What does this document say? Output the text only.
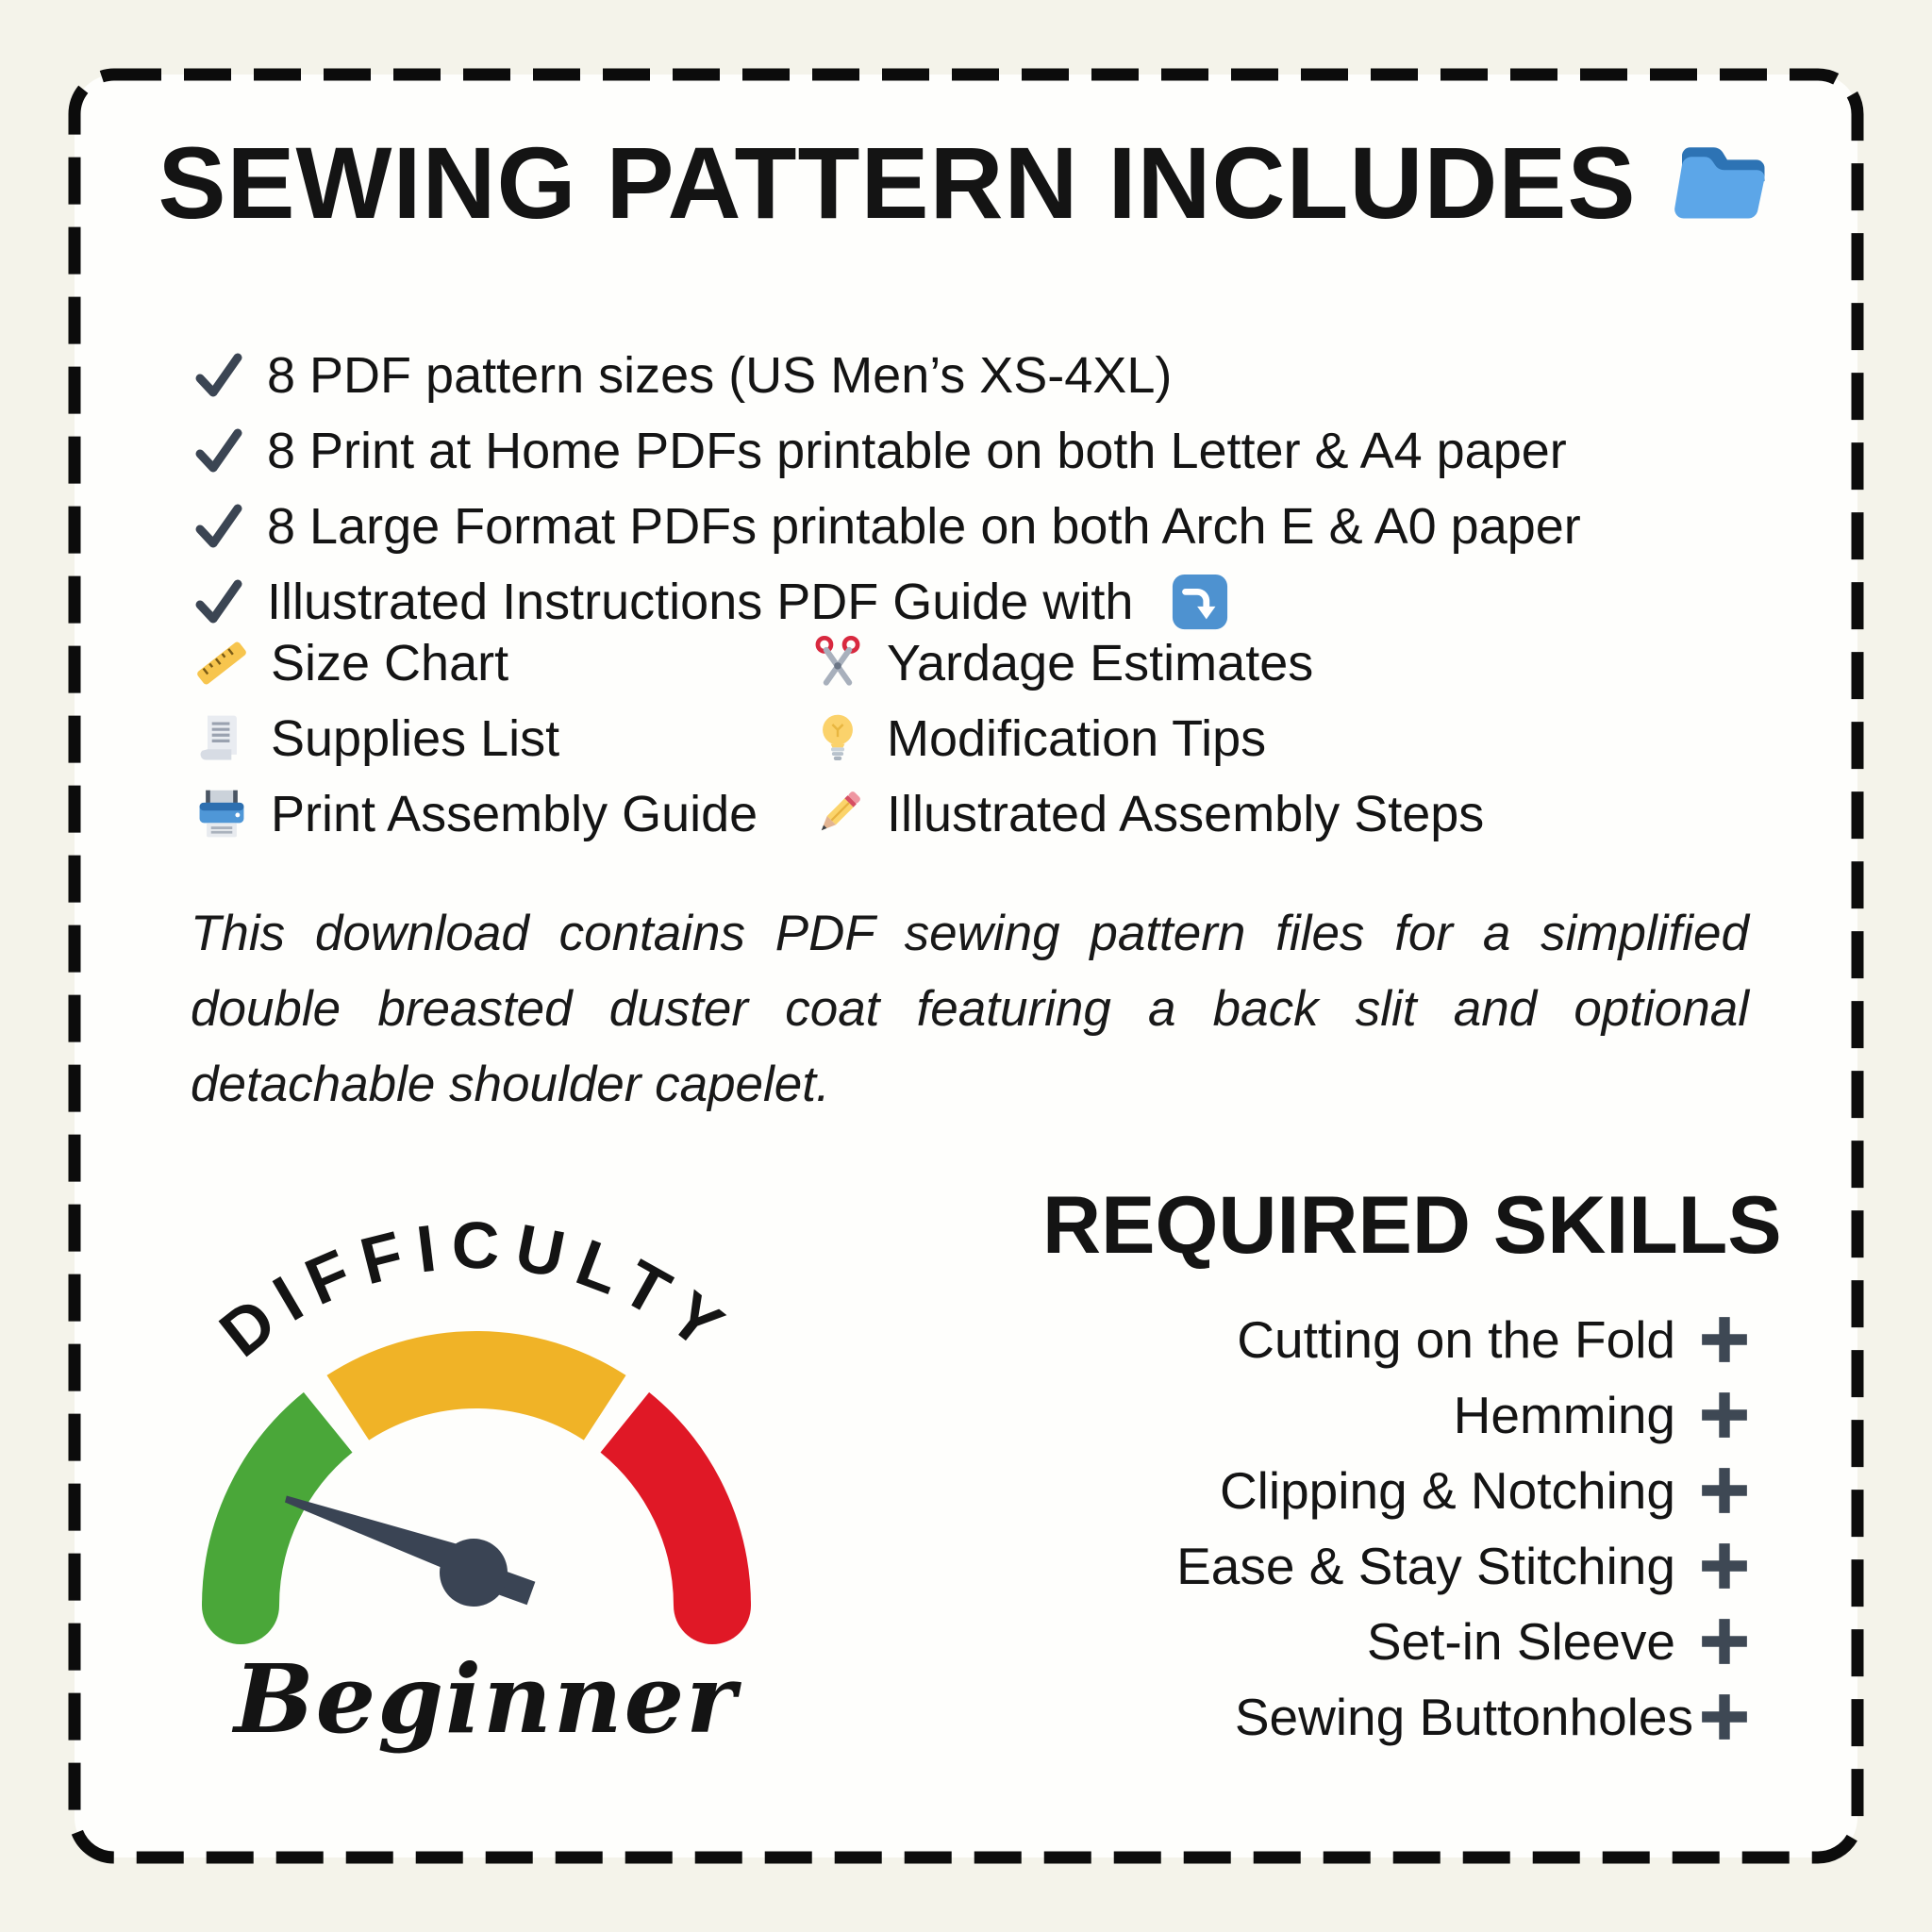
SEWING PATTERN INCLUDES
8 PDF pattern sizes (US Men’s XS-4XL)
8 Print at Home PDFs printable on both Letter & A4 paper
8 Large Format PDFs printable on both Arch E & A0 paper
Illustrated Instructions PDF Guide with
Size Chart
Supplies List
Print Assembly Guide
Yardage Estimates
Modification Tips
Illustrated Assembly Steps
This download contains PDF sewing pattern files for a simplified
double breasted duster coat featuring a back slit and optional
detachable shoulder capelet.
DIFFICULTY
Beginner
REQUIRED SKILLS
Cutting on the Fold
Hemming
Clipping & Notching
Ease & Stay Stitching
Set-in Sleeve
Sewing Buttonholes
